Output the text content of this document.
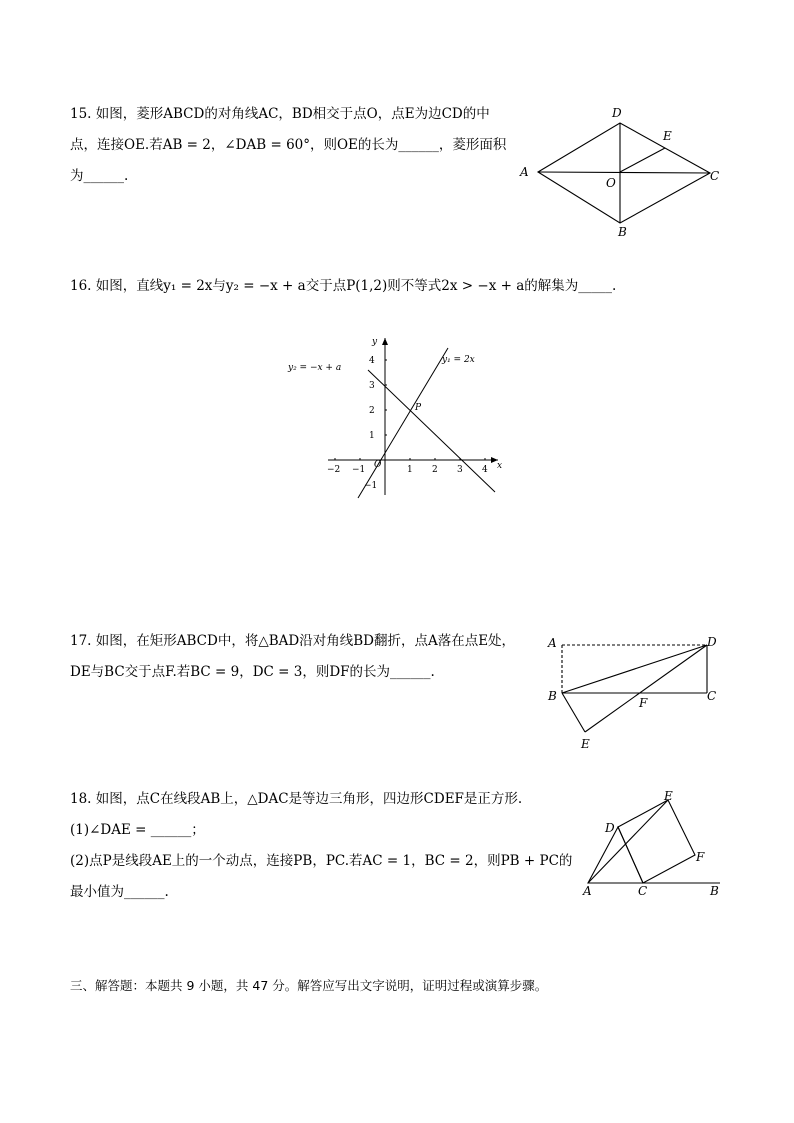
15. 如图，菱形ABCD的对角线AC，BD相交于点O，点E为边CD的中
点，连接OE.若AB = 2，∠DAB = 60°，则OE的长为______，菱形面积
为______.	A
D
E
O	C
B
16. 如图，直线y₁ = 2x与y₂ = −x + a交于点P(1,2)则不等式2x > −x + a的解集为_____.
y
x
O
P
y₂ = −x + a
y₁ = 2x
−2 −1	1 2 3 4
4
3
2
1
−1
17. 如图，在矩形ABCD中，将△BAD沿对角线BD翻折，点A落在点E处，
DE与BC交于点F.若BC = 9，DC = 3，则DF的长为______.
A	D
B	C
F
E
18. 如图，点C在线段AB上，△DAC是等边三角形，四边形CDEF是正方形.
(1)∠DAE = ______；
(2)点P是线段AE上的一个动点，连接PB，PC.若AC = 1，BC = 2，则PB + PC的
最小值为______.	A	C	B
D
E
F
三、解答题：本题共 9 小题，共 47 分。解答应写出文字说明，证明过程或演算步骤。
